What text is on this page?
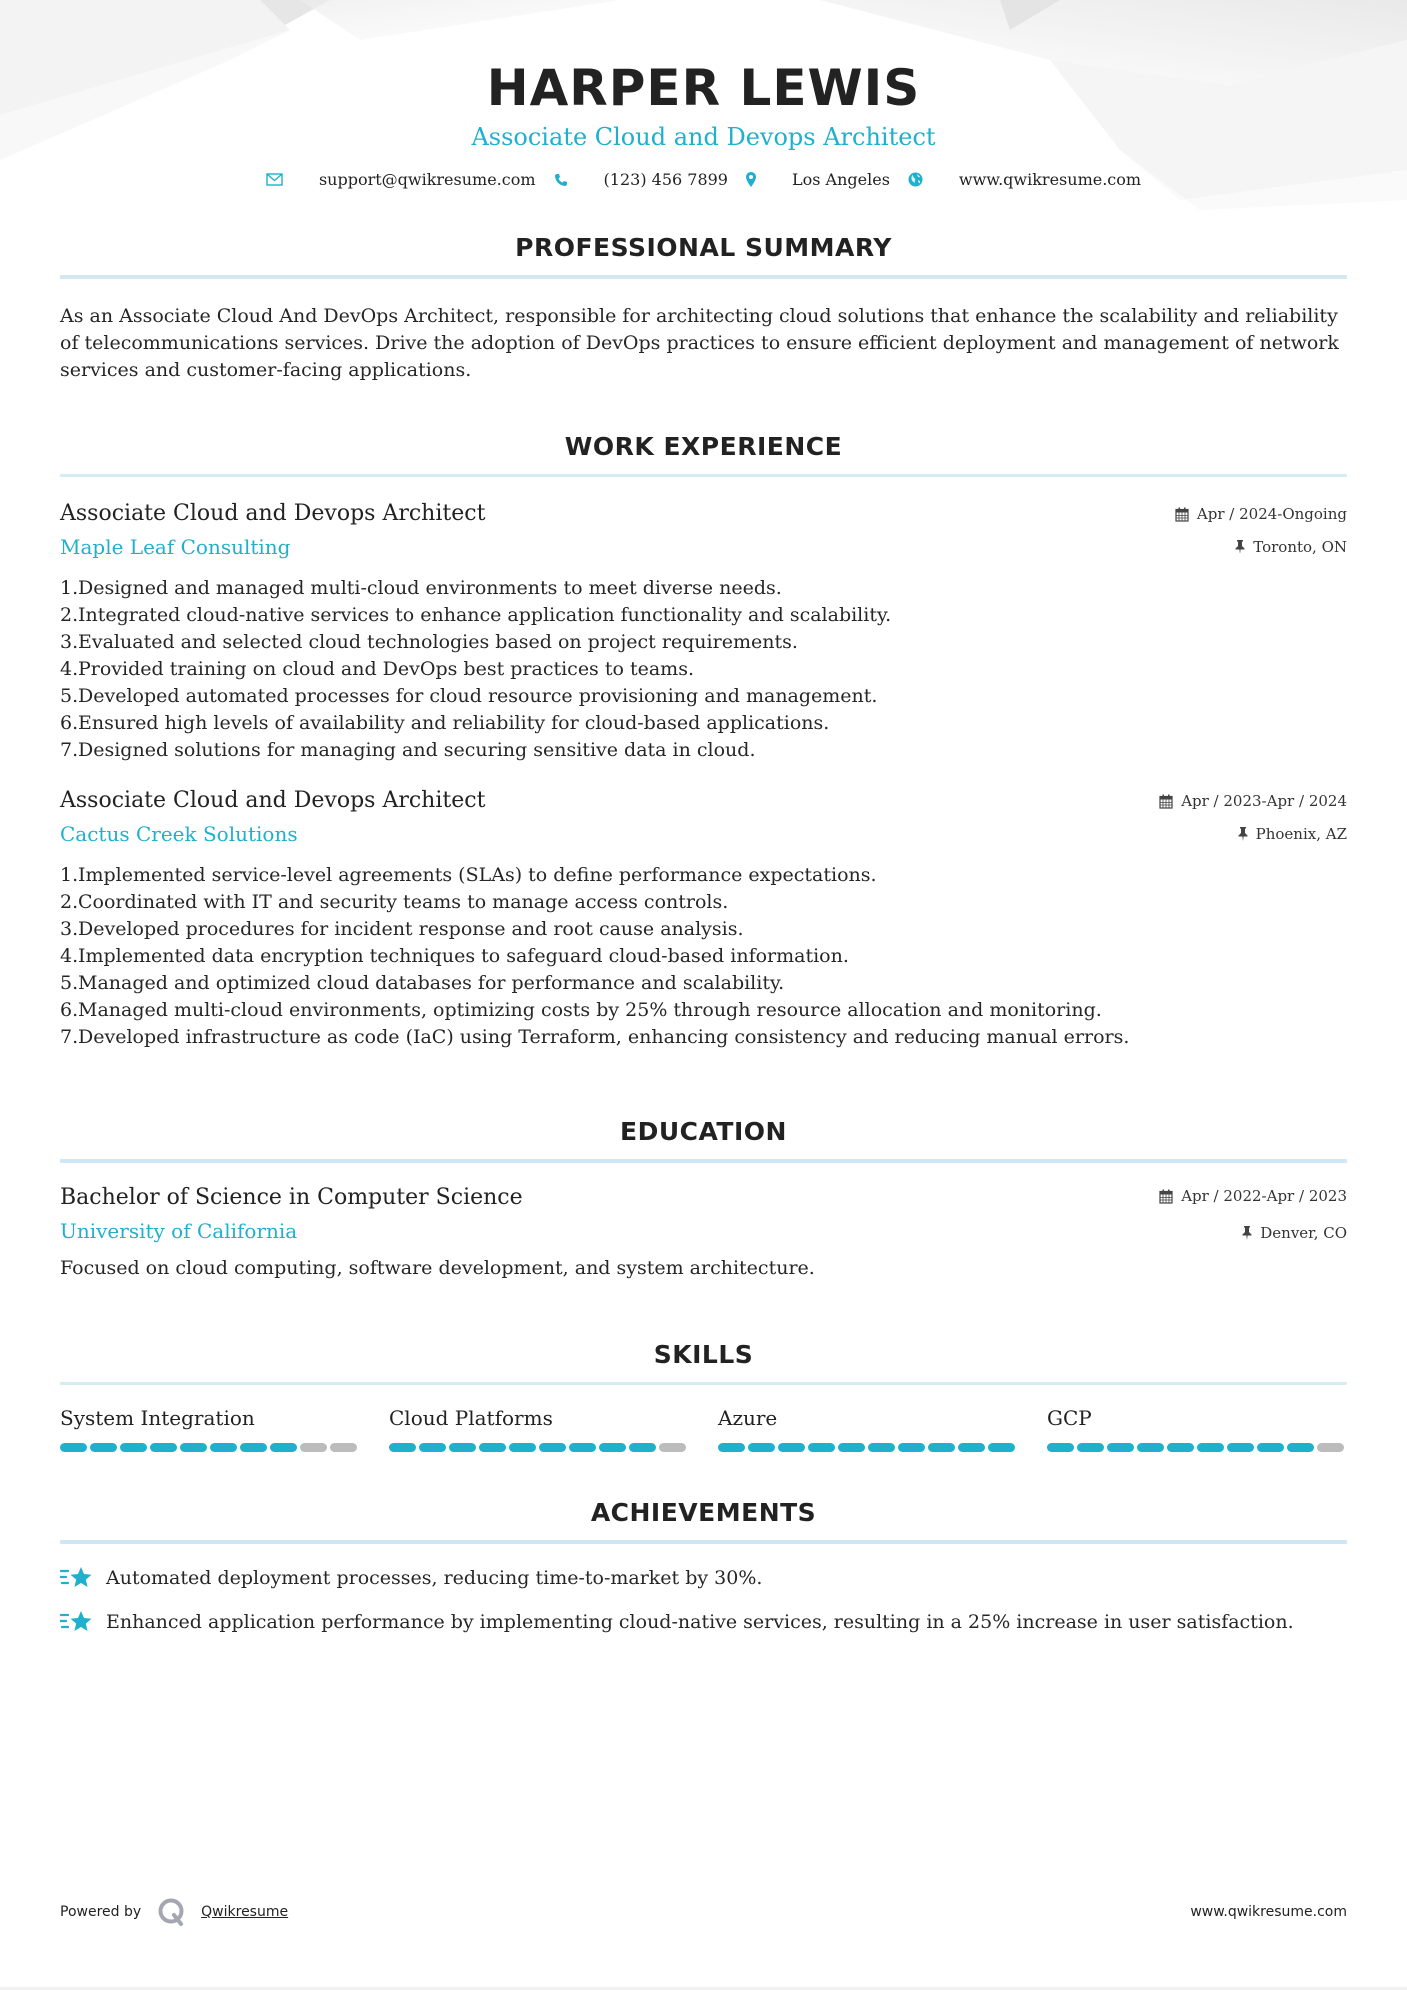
HARPER LEWIS
Associate Cloud and Devops Architect
support@qwikresume.com	(123) 456 7899	Los Angeles	www.qwikresume.com
PROFESSIONAL SUMMARY

As an Associate Cloud And DevOps Architect, responsible for architecting cloud solutions that enhance the scalability and reliability of telecommunications services. Drive the adoption of DevOps practices to ensure efficient deployment and management of network services and customer-facing applications.

WORK EXPERIENCE
Associate Cloud and Devops Architect
Maple Leaf Consulting
Apr / 2024-Ongoing
Toronto, ON
1. Designed and managed multi-cloud environments to meet diverse needs.
2. Integrated cloud-native services to enhance application functionality and scalability.
3. Evaluated and selected cloud technologies based on project requirements.
4. Provided training on cloud and DevOps best practices to teams.
5. Developed automated processes for cloud resource provisioning and management.
6. Ensured high levels of availability and reliability for cloud-based applications.
7. Designed solutions for managing and securing sensitive data in cloud.
Associate Cloud and Devops Architect
Cactus Creek Solutions
Apr / 2023-Apr / 2024
Phoenix, AZ
1. Implemented service-level agreements (SLAs) to define performance expectations.
2. Coordinated with IT and security teams to manage access controls.
3. Developed procedures for incident response and root cause analysis.
4. Implemented data encryption techniques to safeguard cloud-based information.
5. Managed and optimized cloud databases for performance and scalability.
6. Managed multi-cloud environments, optimizing costs by 25% through resource allocation and monitoring.
7. Developed infrastructure as code (IaC) using Terraform, enhancing consistency and reducing manual errors.
EDUCATION
Bachelor of Science in Computer Science
University of California
Apr / 2022-Apr / 2023
Denver, CO

Focused on cloud computing, software development, and system architecture.

SKILLS
System Integration	Cloud Platforms	Azure	GCP
ACHIEVEMENTS
Automated deployment processes, reducing time-to-market by 30%.
Enhanced application performance by implementing cloud-native services, resulting in a 25% increase in user satisfaction.
Powered by	Qwikresume	www.qwikresume.com
